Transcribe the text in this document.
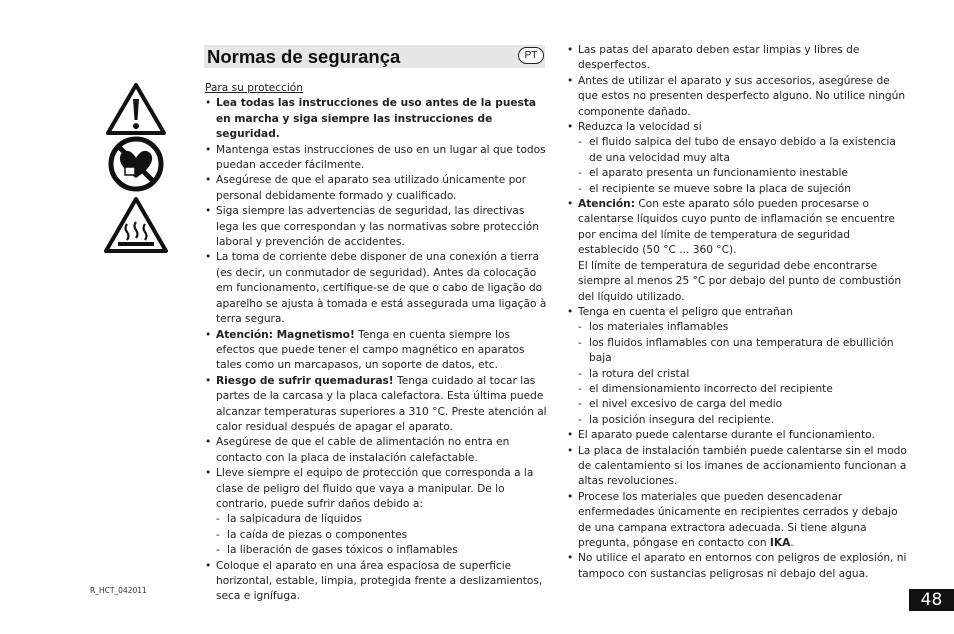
Normas de segurança	PT

Para su protección

• Lea todas las instrucciones de uso antes de la puesta en marcha y siga siempre las instrucciones de seguridad.
• Mantenga estas instrucciones de uso en un lugar al que todos puedan acceder fácilmente.
• Asegúrese de que el aparato sea utilizado únicamente por personal debidamente formado y cualificado.
• Siga siempre las advertencias de seguridad, las directivas lega les que correspondan y las normativas sobre protección laboral y prevención de accidentes.
• La toma de corriente debe disponer de una conexión a tierra (es decir, un conmutador de seguridad). Antes da colocação em funcionamento, certifique-se de que o cabo de ligação do aparelho se ajusta à tomada e está assegurada uma ligação à terra segura.
• Atención: Magnetismo! Tenga en cuenta siempre los efectos que puede tener el campo magnético en aparatos tales como un marcapasos, un soporte de datos, etc.
• Riesgo de sufrir quemaduras! Tenga cuidado al tocar las partes de la carcasa y la placa calefactora. Esta última puede alcanzar temperaturas superiores a 310 °C. Preste atención al calor residual después de apagar el aparato.
• Asegúrese de que el cable de alimentación no entra en contacto con la placa de instalación calefactable.
• Lleve siempre el equipo de protección que corresponda a la clase de peligro del fluido que vaya a manipular. De lo contrario, puede sufrir daños debido a:
- la salpicadura de líquidos
- la caída de piezas o componentes
- la liberación de gases tóxicos o inflamables
• Coloque el aparato en una área espaciosa de superficie horizontal, estable, limpia, protegida frente a deslizamientos, seca e ignífuga.
• Las patas del aparato deben estar limpias y libres de desperfectos.
• Antes de utilizar el aparato y sus accesorios, asegúrese de que estos no presenten desperfecto alguno. No utilice ningún componente dañado.
• Reduzca la velocidad si
- el fluido salpica del tubo de ensayo debido a la existencia de una velocidad muy alta
- el aparato presenta un funcionamiento inestable
- el recipiente se mueve sobre la placa de sujeción
• Atención: Con este aparato sólo pueden procesarse o calentarse líquidos cuyo punto de inflamación se encuentre por encima del límite de temperatura de seguridad establecido (50 °C ... 360 °C).
El límite de temperatura de seguridad debe encontrarse siempre al menos 25 °C por debajo del punto de combustión del líquido utilizado.
• Tenga en cuenta el peligro que entrañan
- los materiales inflamables
- los fluidos inflamables con una temperatura de ebullición baja
- la rotura del cristal
- el dimensionamiento incorrecto del recipiente
- el nivel excesivo de carga del medio
- la posición insegura del recipiente.
• El aparato puede calentarse durante el funcionamiento.
• La placa de instalación también puede calentarse sin el modo de calentamiento si los imanes de accionamiento funcionan a altas revoluciones.
• Procese los materiales que pueden desencadenar enfermedades únicamente en recipientes cerrados y debajo de una campana extractora adecuada. Si tiene alguna pregunta, póngase en contacto con IKA.
• No utilice el aparato en entornos con peligros de explosión, ni tampoco con sustancias peligrosas ni debajo del agua.
R_HCT_042011	48
